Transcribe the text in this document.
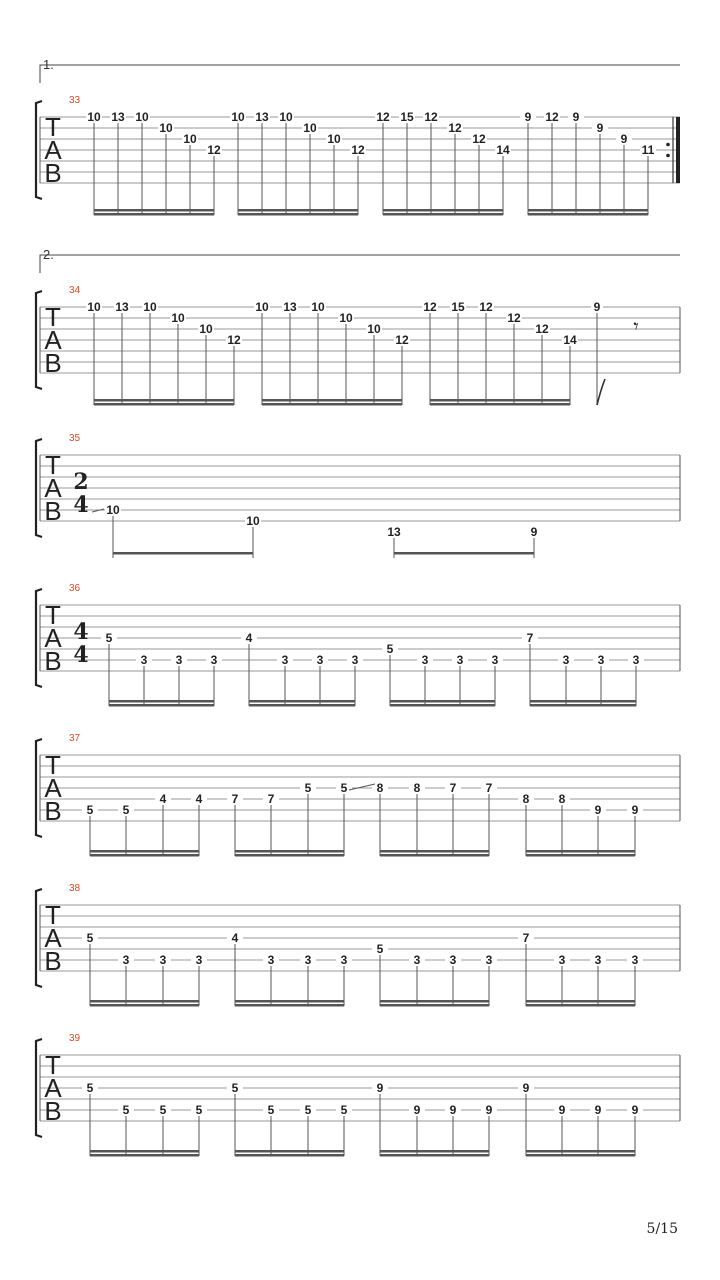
1.
2.
T
A
B
33
10 13 10
10
10
12
10 13 10
10
10
12
12 15 12
12
12
14
9 12 9
9
9
11
T
A
B
34
10 13 10
10
10
12
10 13 10
10
10
12
12 15 12
12
12
14
9
𝄾
T
A
B
35
2
4 10
10
13	9
T
A
B
36
4
4
5
3 3 3
4
3 3 3
5
3 3 3
7
3 3 3
T
A
B
37
5 5
4 4 7 7
5 5 8	8 7 7
8 8
9	9
T
A
B
38
5
3	3 3
4
3	3 3
5
3 3 3
7
3 3	3
T
A
B
39
5
5	5 5
5
5	5 5
9
9 9 9
9
9 9	9
5/15
